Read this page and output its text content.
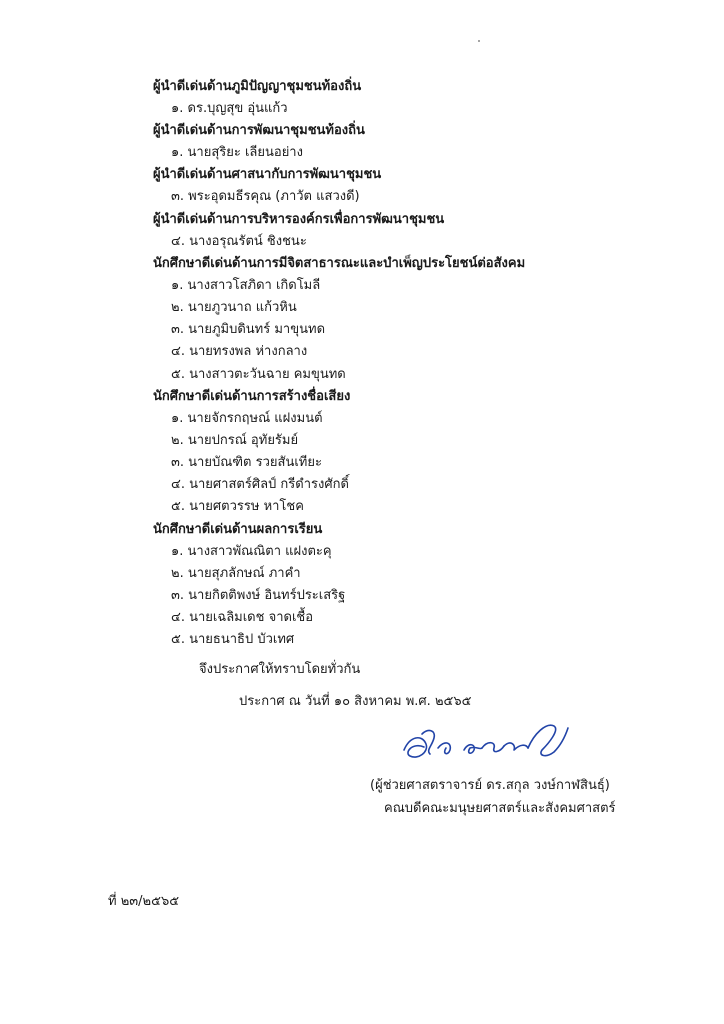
ผู้นำดีเด่นด้านภูมิปัญญาชุมชนท้องถิ่น
๑. ดร.บุญสุข อุ่นแก้ว
ผู้นำดีเด่นด้านการพัฒนาชุมชนท้องถิ่น
๑. นายสุริยะ เลียนอย่าง
ผู้นำดีเด่นด้านศาสนากับการพัฒนาชุมชน
๓. พระอุดมธีรคุณ (ภาวัต แสวงดี)
ผู้นำดีเด่นด้านการบริหารองค์กรเพื่อการพัฒนาชุมชน
๔. นางอรุณรัตน์ ชิงชนะ
นักศึกษาดีเด่นด้านการมีจิตสาธารณะและบำเพ็ญประโยชน์ต่อสังคม
๑. นางสาวโสภิดา เกิดโมลี
๒. นายภูวนาถ แก้วหิน
๓. นายภูมิบดินทร์ มาขุนทด
๔. นายทรงพล ห่างกลาง
๕. นางสาวตะวันฉาย คมขุนทด
นักศึกษาดีเด่นด้านการสร้างชื่อเสียง
๑. นายจักรกฤษณ์ แฝงมนต์
๒. นายปกรณ์ อุทัยรัมย์
๓. นายบัณฑิต รวยสันเทียะ
๔. นายศาสตร์ศิลป์ กรีดำรงศักดิ์
๕. นายศตวรรษ หาโชค
นักศึกษาดีเด่นด้านผลการเรียน
๑. นางสาวพัณณิตา แฝงตะคุ
๒. นายสุภลักษณ์ ภาคำ
๓. นายกิตติพงษ์ อินทร์ประเสริฐ
๔. นายเฉลิมเดช จาดเชื้อ
๕. นายธนาธิป บัวเทศ
จึงประกาศให้ทราบโดยทั่วกัน
ประกาศ ณ วันที่ ๑๐ สิงหาคม พ.ศ. ๒๕๖๕
(ผู้ช่วยศาสตราจารย์ ดร.สกุล วงษ์กาฬสินธุ์)
คณบดีคณะมนุษยศาสตร์และสังคมศาสตร์
ที่ ๒๓/๒๕๖๕
